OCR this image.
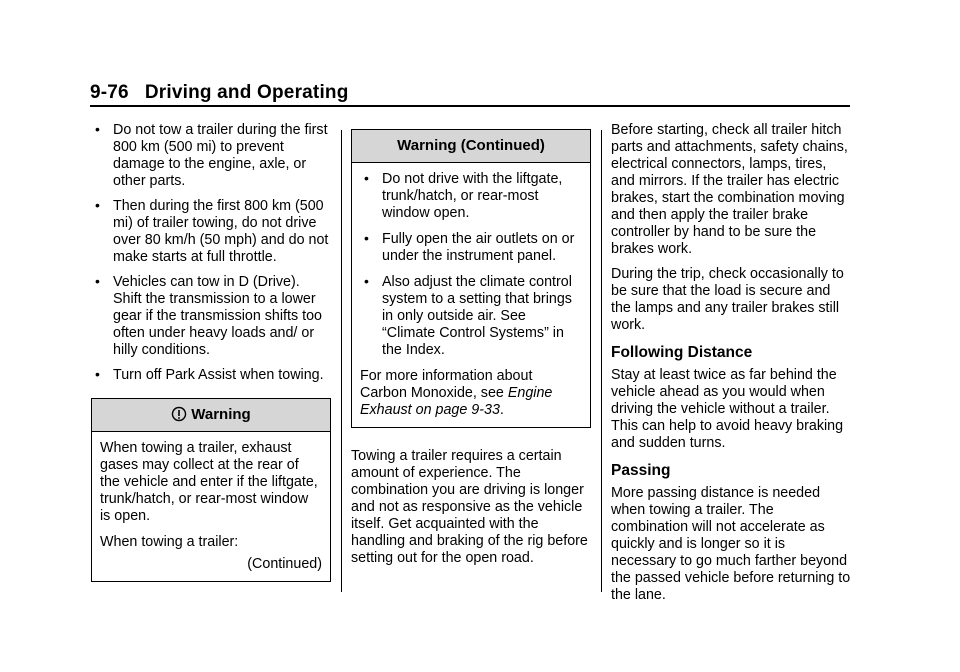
9-76 Driving and Operating
• Do not tow a trailer during the first 800 km (500 mi) to prevent damage to the engine, axle, or other parts.
• Then during the first 800 km (500 mi) of trailer towing, do not drive over 80 km/h (50 mph) and do not make starts at full throttle.
• Vehicles can tow in D (Drive). Shift the transmission to a lower gear if the transmission shifts too often under heavy loads and/ or hilly conditions.
• Turn off Park Assist when towing.
Warning

When towing a trailer, exhaust gases may collect at the rear of the vehicle and enter if the liftgate, trunk/hatch, or rear-most window is open.

When towing a trailer:

(Continued)
Warning (Continued)
• Do not drive with the liftgate, trunk/hatch, or rear-most window open.
• Fully open the air outlets on or under the instrument panel.
• Also adjust the climate control system to a setting that brings in only outside air. See “Climate Control Systems” in the Index.

For more information about Carbon Monoxide, see Engine Exhaust on page 9-33.

Towing a trailer requires a certain amount of experience. The combination you are driving is longer and not as responsive as the vehicle itself. Get acquainted with the handling and braking of the rig before setting out for the open road.

Before starting, check all trailer hitch parts and attachments, safety chains, electrical connectors, lamps, tires, and mirrors. If the trailer has electric brakes, start the combination moving and then apply the trailer brake controller by hand to be sure the brakes work.

During the trip, check occasionally to be sure that the load is secure and the lamps and any trailer brakes still work.

Following Distance

Stay at least twice as far behind the vehicle ahead as you would when driving the vehicle without a trailer. This can help to avoid heavy braking and sudden turns.

Passing

More passing distance is needed when towing a trailer. The combination will not accelerate as quickly and is longer so it is necessary to go much farther beyond the passed vehicle before returning to the lane.
